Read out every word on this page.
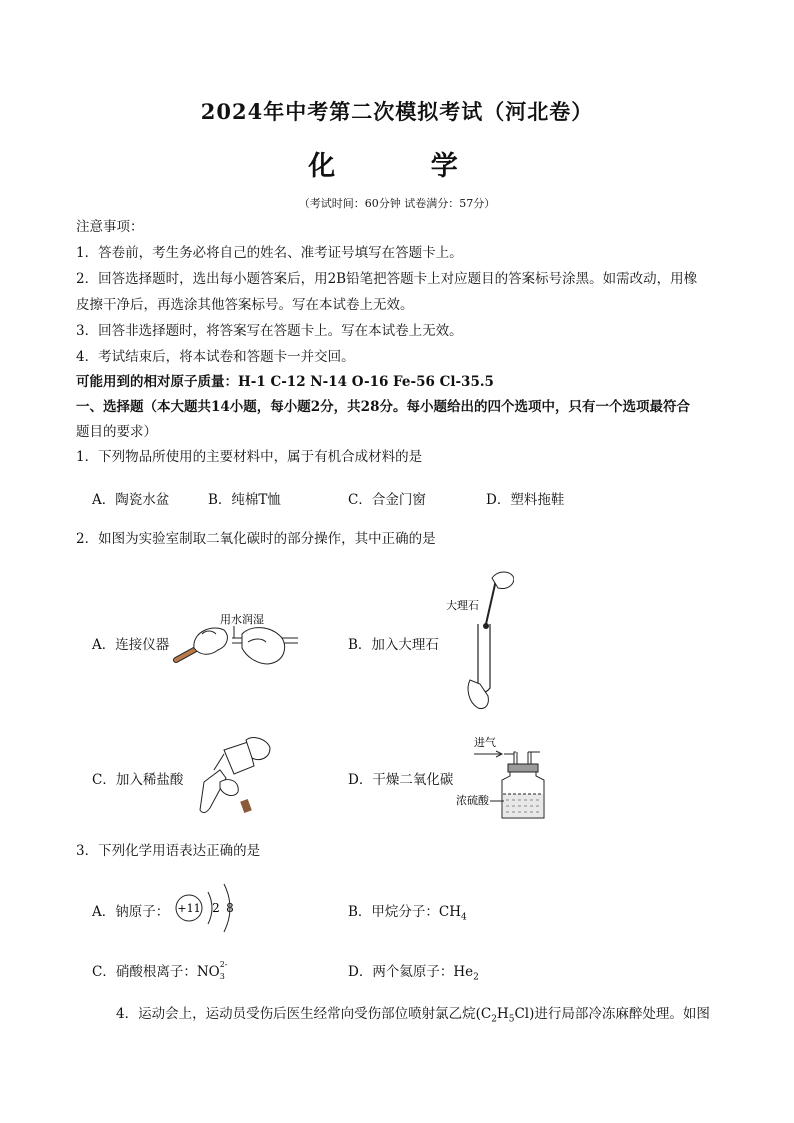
2024年中考第二次模拟考试（河北卷）
化 学
（考试时间：60分钟 试卷满分：57分）
注意事项：
1．答卷前，考生务必将自己的姓名、准考证号填写在答题卡上。
2．回答选择题时，选出每小题答案后，用2B铅笔把答题卡上对应题目的答案标号涂黑。如需改动，用橡
皮擦干净后，再选涂其他答案标号。写在本试卷上无效。
3．回答非选择题时，将答案写在答题卡上。写在本试卷上无效。
4．考试结束后，将本试卷和答题卡一并交回。
可能用到的相对原子质量：H-1 C-12 N-14 O-16 Fe-56 Cl-35.5
一、选择题（本大题共14小题，每小题2分，共28分。每小题给出的四个选项中，只有一个选项最符合
题目的要求）
1．下列物品所使用的主要材料中，属于有机合成材料的是
A．陶瓷水盆	B．纯棉T恤	C．合金门窗	D．塑料拖鞋
2．如图为实验室制取二氧化碳时的部分操作，其中正确的是
A．连接仪器	B．加入大理石
C．加入稀盐酸	D．干燥二氧化碳
用水润湿
大理石
进气
浓硫酸
3．下列化学用语表达正确的是
A．钠原子： +11 2 8	B．甲烷分子：$CH_4$
C．硝酸根离子：NO 2-
3	D．两个氦原子：$He_2$
4．运动会上，运动员受伤后医生经常向受伤部位喷射氯乙烷$(C_2H_5Cl)$进行局部冷冻麻醉处理。如图
